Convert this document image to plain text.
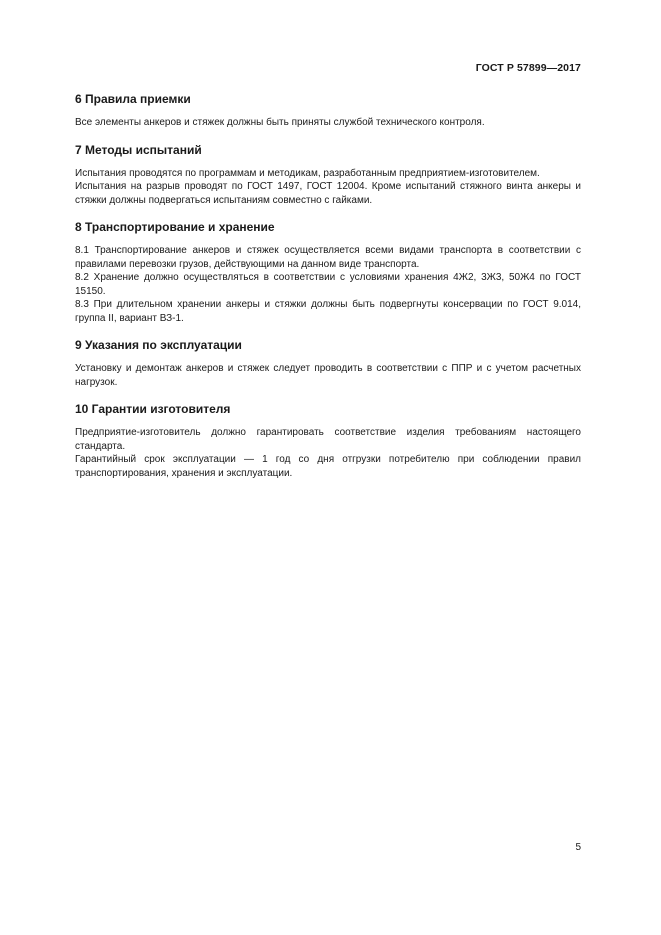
ГОСТ Р 57899—2017
6 Правила приемки

Все элементы анкеров и стяжек должны быть приняты службой технического контроля.

7 Методы испытаний

Испытания проводятся по программам и методикам, разработанным предприятием-изготовителем.

Испытания на разрыв проводят по ГОСТ 1497, ГОСТ 12004. Кроме испытаний стяжного винта анкеры и стяжки должны подвергаться испытаниям совместно с гайками.

8 Транспортирование и хранение

8.1 Транспортирование анкеров и стяжек осуществляется всеми видами транспорта в соответствии с правилами перевозки грузов, действующими на данном виде транспорта.

8.2 Хранение должно осуществляться в соответствии с условиями хранения 4Ж2, 3Ж3, 50Ж4 по ГОСТ 15150.

8.3 При длительном хранении анкеры и стяжки должны быть подвергнуты консервации по ГОСТ 9.014, группа II, вариант ВЗ-1.

9 Указания по эксплуатации

Установку и демонтаж анкеров и стяжек следует проводить в соответствии с ППР и с учетом расчетных нагрузок.

10 Гарантии изготовителя

Предприятие-изготовитель должно гарантировать соответствие изделия требованиям настоящего стандарта.

Гарантийный срок эксплуатации — 1 год со дня отгрузки потребителю при соблюдении правил транспортирования, хранения и эксплуатации.

5
